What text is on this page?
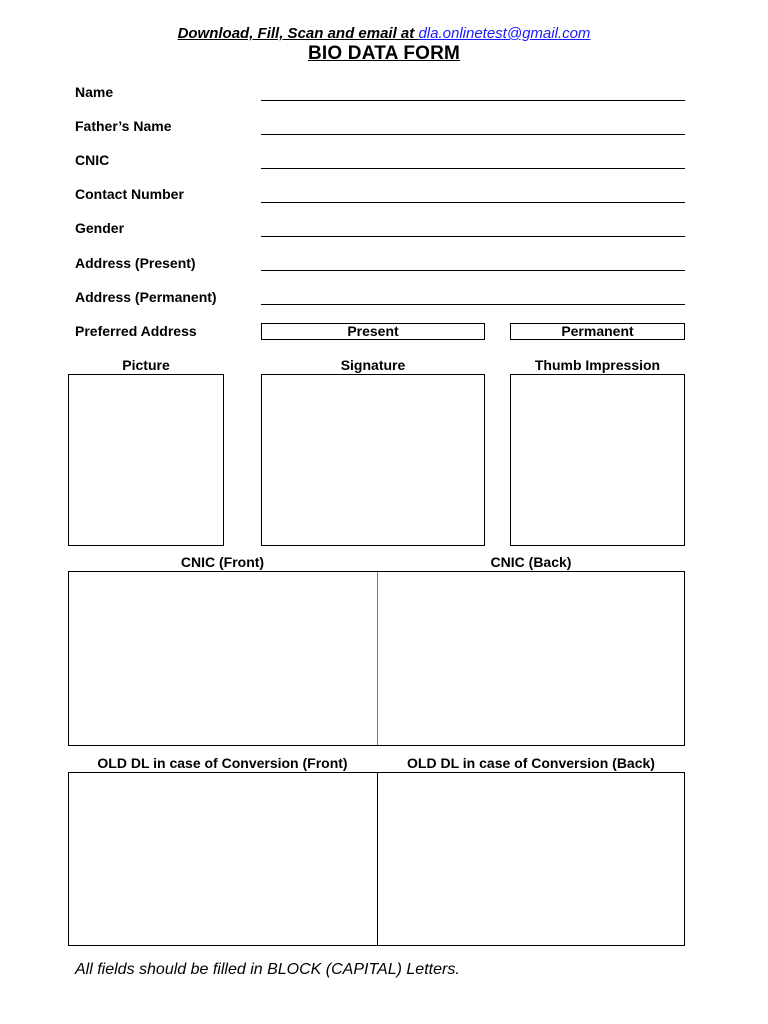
Download, Fill, Scan and email at dla.onlinetest@gmail.com
BIO DATA FORM
Name
Father’s Name
CNIC
Contact Number
Gender
Address (Present)
Address (Permanent)
Preferred Address	Present	Permanent
Picture	Signature	Thumb Impression
CNIC (Front)	CNIC (Back)
OLD DL in case of Conversion (Front)	OLD DL in case of Conversion (Back)
All fields should be filled in BLOCK (CAPITAL) Letters.
